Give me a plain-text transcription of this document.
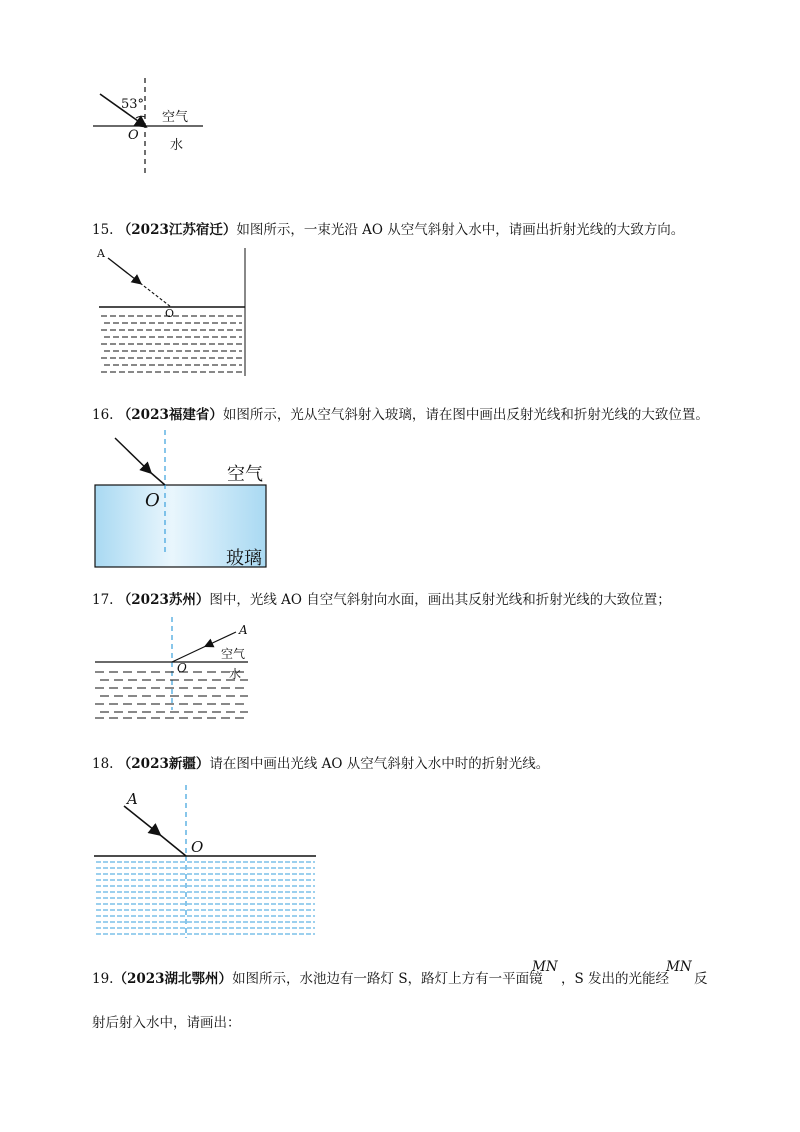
53°
空气
O
水
15. （2023江苏宿迁）如图所示，一束光沿 AO 从空气斜射入水中，请画出折射光线的大致方向。
A
O
16. （2023福建省）如图所示，光从空气斜射入玻璃，请在图中画出反射光线和折射光线的大致位置。
空气
O
玻璃
17. （2023苏州）图中，光线 AO 自空气斜射向水面，画出其反射光线和折射光线的大致位置；
A
空气
O	水
18. （2023新疆）请在图中画出光线 AO 从空气斜射入水中时的折射光线。
A
O
19.（2023湖北鄂州）如图所示，水池边有一路灯 S，路灯上方有一平面镜
MN
，S 发出的光能经
MN
反
射后射入水中，请画出：
